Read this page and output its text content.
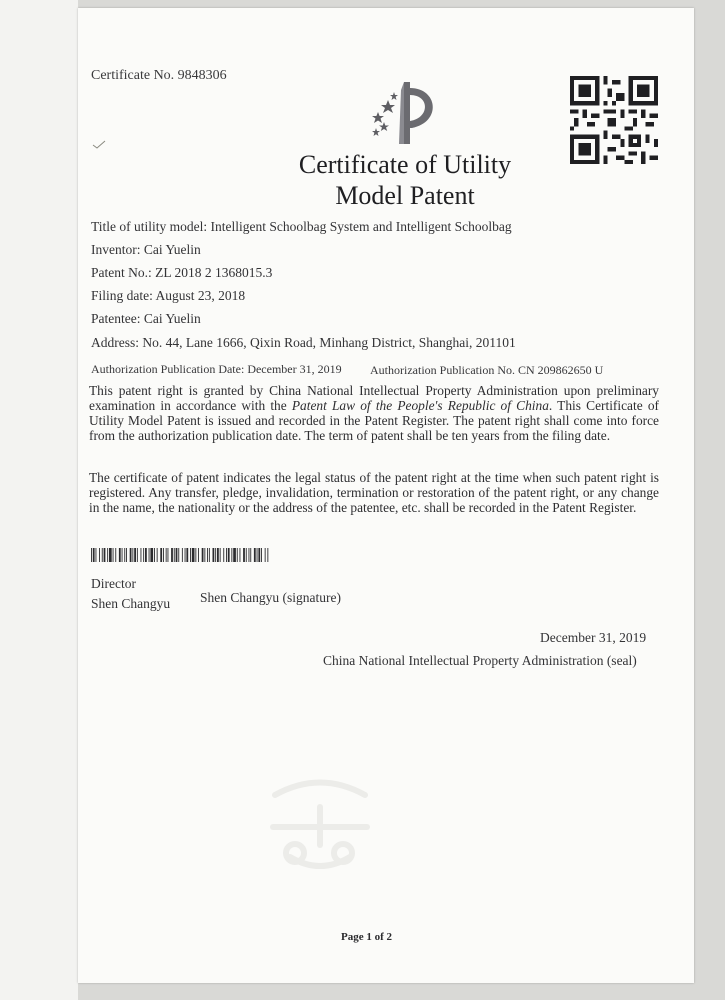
Certificate No. 9848306
Certificate of Utility
Model Patent
Title of utility model: Intelligent Schoolbag System and Intelligent Schoolbag
Inventor: Cai Yuelin
Patent No.: ZL 2018 2 1368015.3
Filing date: August 23, 2018
Patentee: Cai Yuelin
Address: No. 44, Lane 1666, Qixin Road, Minhang District, Shanghai, 201101
Authorization Publication Date: December 31, 2019 Authorization Publication No. CN 209862650 U
This patent right is granted by China National Intellectual Property Administration upon preliminary examination in accordance with the Patent Law of the People's Republic of China. This Certificate of Utility Model Patent is issued and recorded in the Patent Register. The patent right shall come into force from the authorization publication date. The term of patent shall be ten years from the filing date.
The certificate of patent indicates the legal status of the patent right at the time when such patent right is registered. Any transfer, pledge, invalidation, termination or restoration of the patent right, or any change in the name, the nationality or the address of the patentee, etc. shall be recorded in the Patent Register.
Director
Shen Changyu Shen Changyu (signature)
December 31, 2019
China National Intellectual Property Administration (seal)
Page 1 of 2
